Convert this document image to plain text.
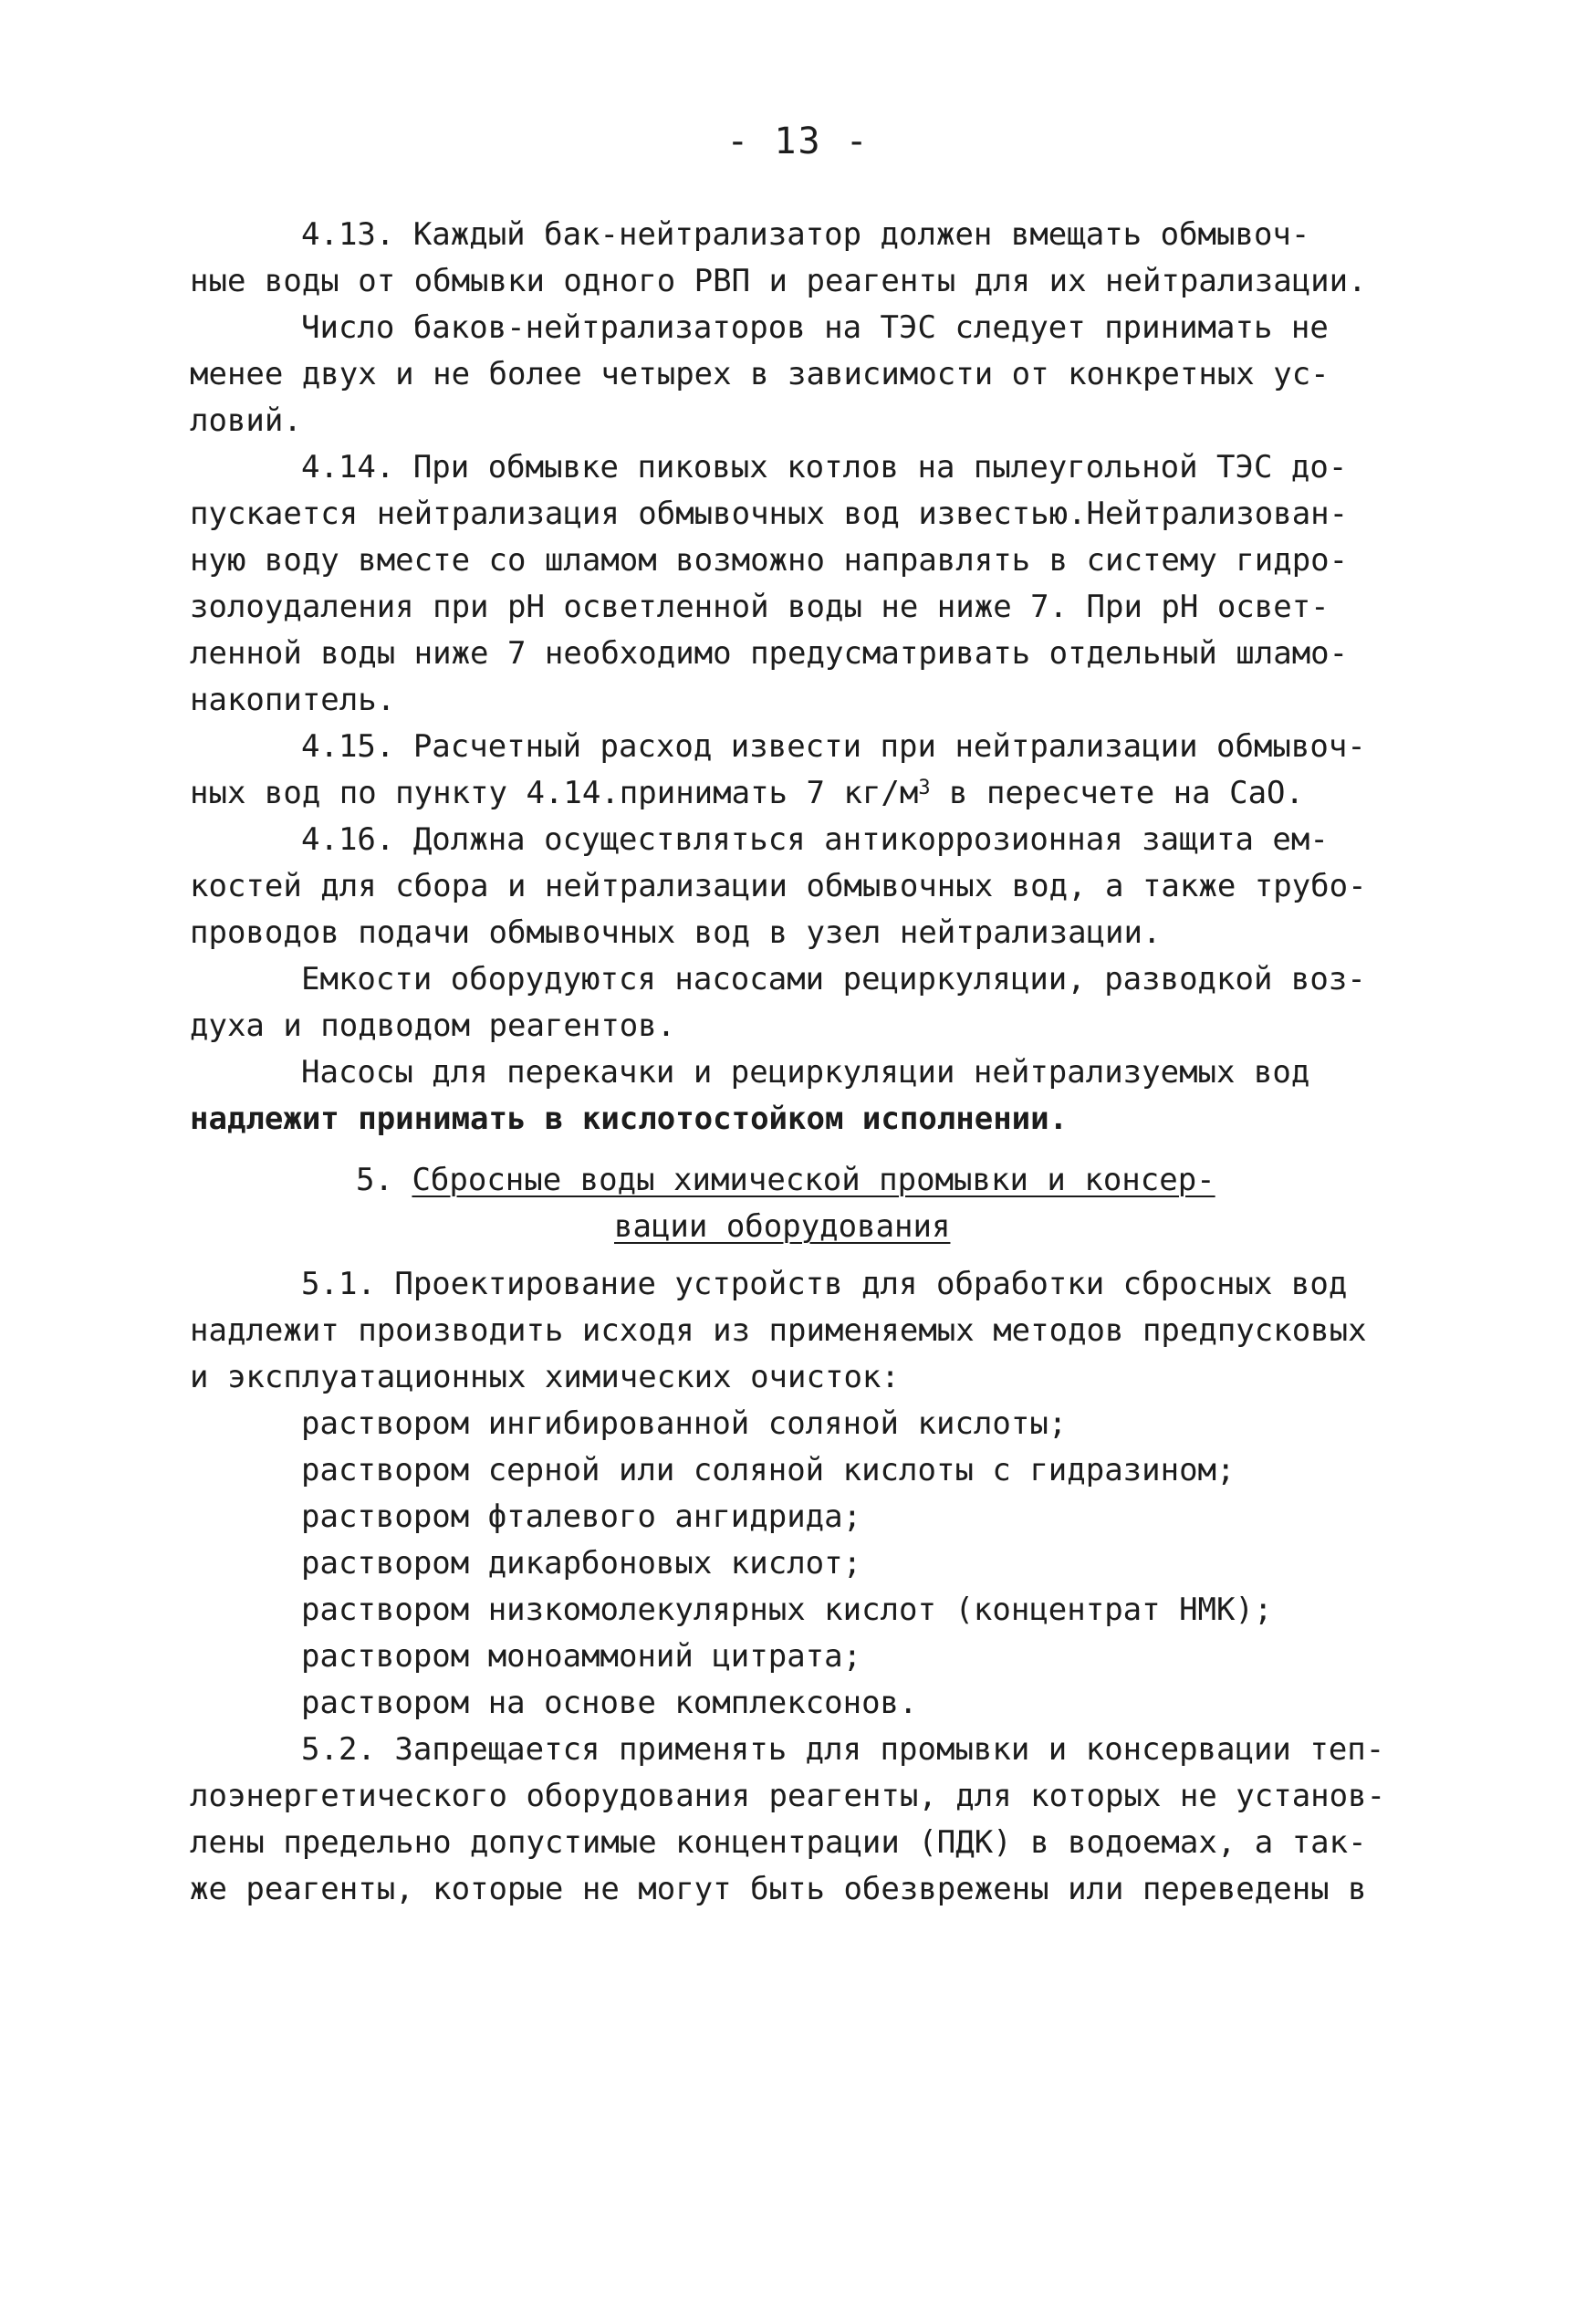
- 13 -
4.13. Каждый бак-нейтрализатор должен вмещать обмывоч-
ные воды от обмывки одного РВП и реагенты для их нейтрализации.
Число баков-нейтрализаторов на ТЭС следует принимать не
менее двух и не более четырех в зависимости от конкретных ус-
ловий.
4.14. При обмывке пиковых котлов на пылеугольной ТЭС до-
пускается нейтрализация обмывочных вод известью.Нейтрализован-
ную воду вместе со шламом возможно направлять в систему гидро-
золоудаления при рН осветленной воды не ниже 7. При рН освет-
ленной воды ниже 7 необходимо предусматривать отдельный шламо-
накопитель.
4.15. Расчетный расход извести при нейтрализации обмывоч-
ных вод по пункту 4.14.принимать 7 $кг/м^3$ в пересчете на СаО.
4.16. Должна осуществляться антикоррозионная защита ем-
костей для сбора и нейтрализации обмывочных вод, а также трубо-
проводов подачи обмывочных вод в узел нейтрализации.
Емкости оборудуются насосами рециркуляции, разводкой воз-
духа и подводом реагентов.
Насосы для перекачки и рециркуляции нейтрализуемых вод
надлежит принимать в кислотостойком исполнении.
5. Сбросные воды химической промывки и консер-
вации оборудования
5.1. Проектирование устройств для обработки сбросных вод
надлежит производить исходя из применяемых методов предпусковых
и эксплуатационных химических очисток:
раствором ингибированной соляной кислоты;
раствором серной или соляной кислоты с гидразином;
раствором фталевого ангидрида;
раствором дикарбоновых кислот;
раствором низкомолекулярных кислот (концентрат НМК);
раствором моноаммоний цитрата;
раствором на основе комплексонов.
5.2. Запрещается применять для промывки и консервации теп-
лоэнергетического оборудования реагенты, для которых не установ-
лены предельно допустимые концентрации (ПДК) в водоемах, а так-
же реагенты, которые не могут быть обезврежены или переведены в
